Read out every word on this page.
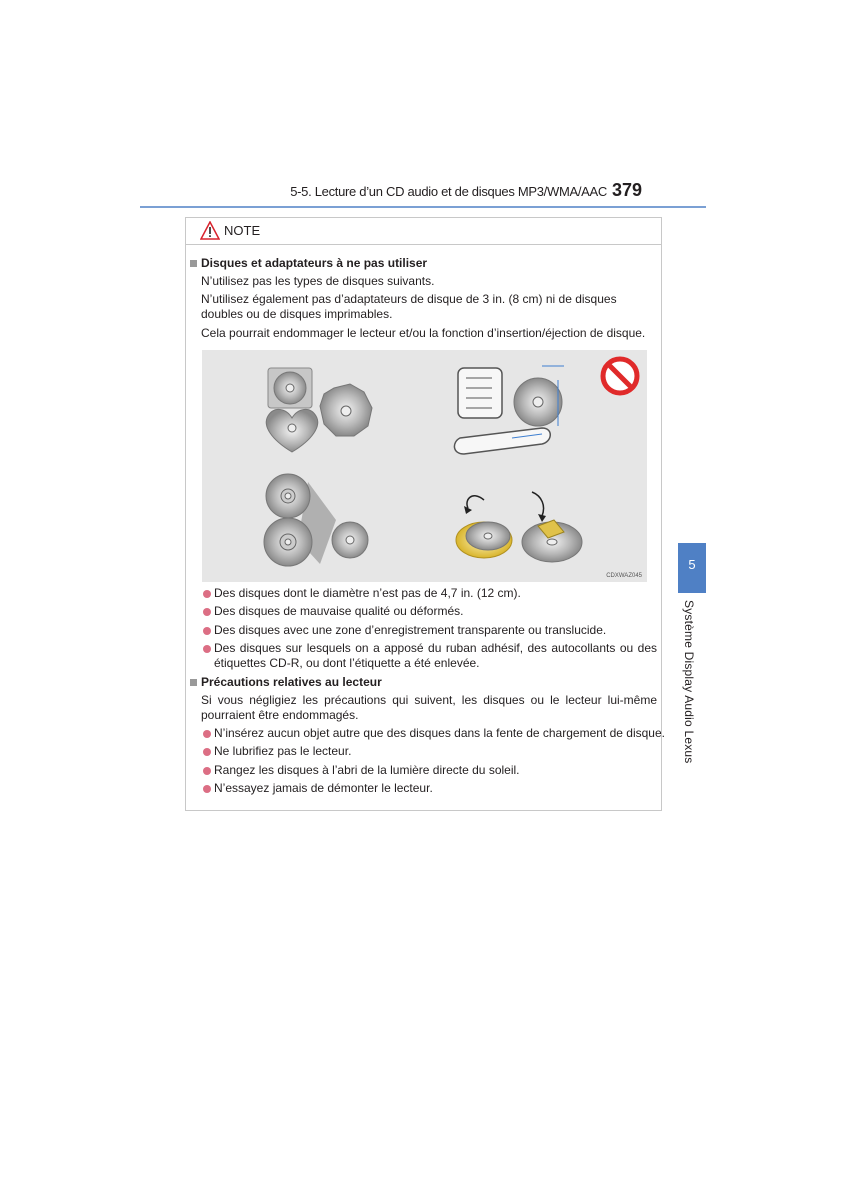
5-5. Lecture d’un CD audio et de disques MP3/WMA/AAC 379
5
Système Display Audio Lexus
NOTE
Disques et adaptateurs à ne pas utiliser
N’utilisez pas les types de disques suivants.
N’utilisez également pas d’adaptateurs de disque de 3 in. (8 cm) ni de disques doubles ou de disques imprimables.
Cela pourrait endommager le lecteur et/ou la fonction d’insertion/éjection de disque.
CDXWAZ045
Des disques dont le diamètre n’est pas de 4,7 in. (12 cm).
Des disques de mauvaise qualité ou déformés.
Des disques avec une zone d’enregistrement transparente ou translucide.
Des disques sur lesquels on a apposé du ruban adhésif, des autocollants ou des étiquettes CD-R, ou dont l’étiquette a été enlevée.
Précautions relatives au lecteur
Si vous négligiez les précautions qui suivent, les disques ou le lecteur lui-même pourraient être endommagés.
N’insérez aucun objet autre que des disques dans la fente de chargement de disque.
Ne lubrifiez pas le lecteur.
Rangez les disques à l’abri de la lumière directe du soleil.
N’essayez jamais de démonter le lecteur.
